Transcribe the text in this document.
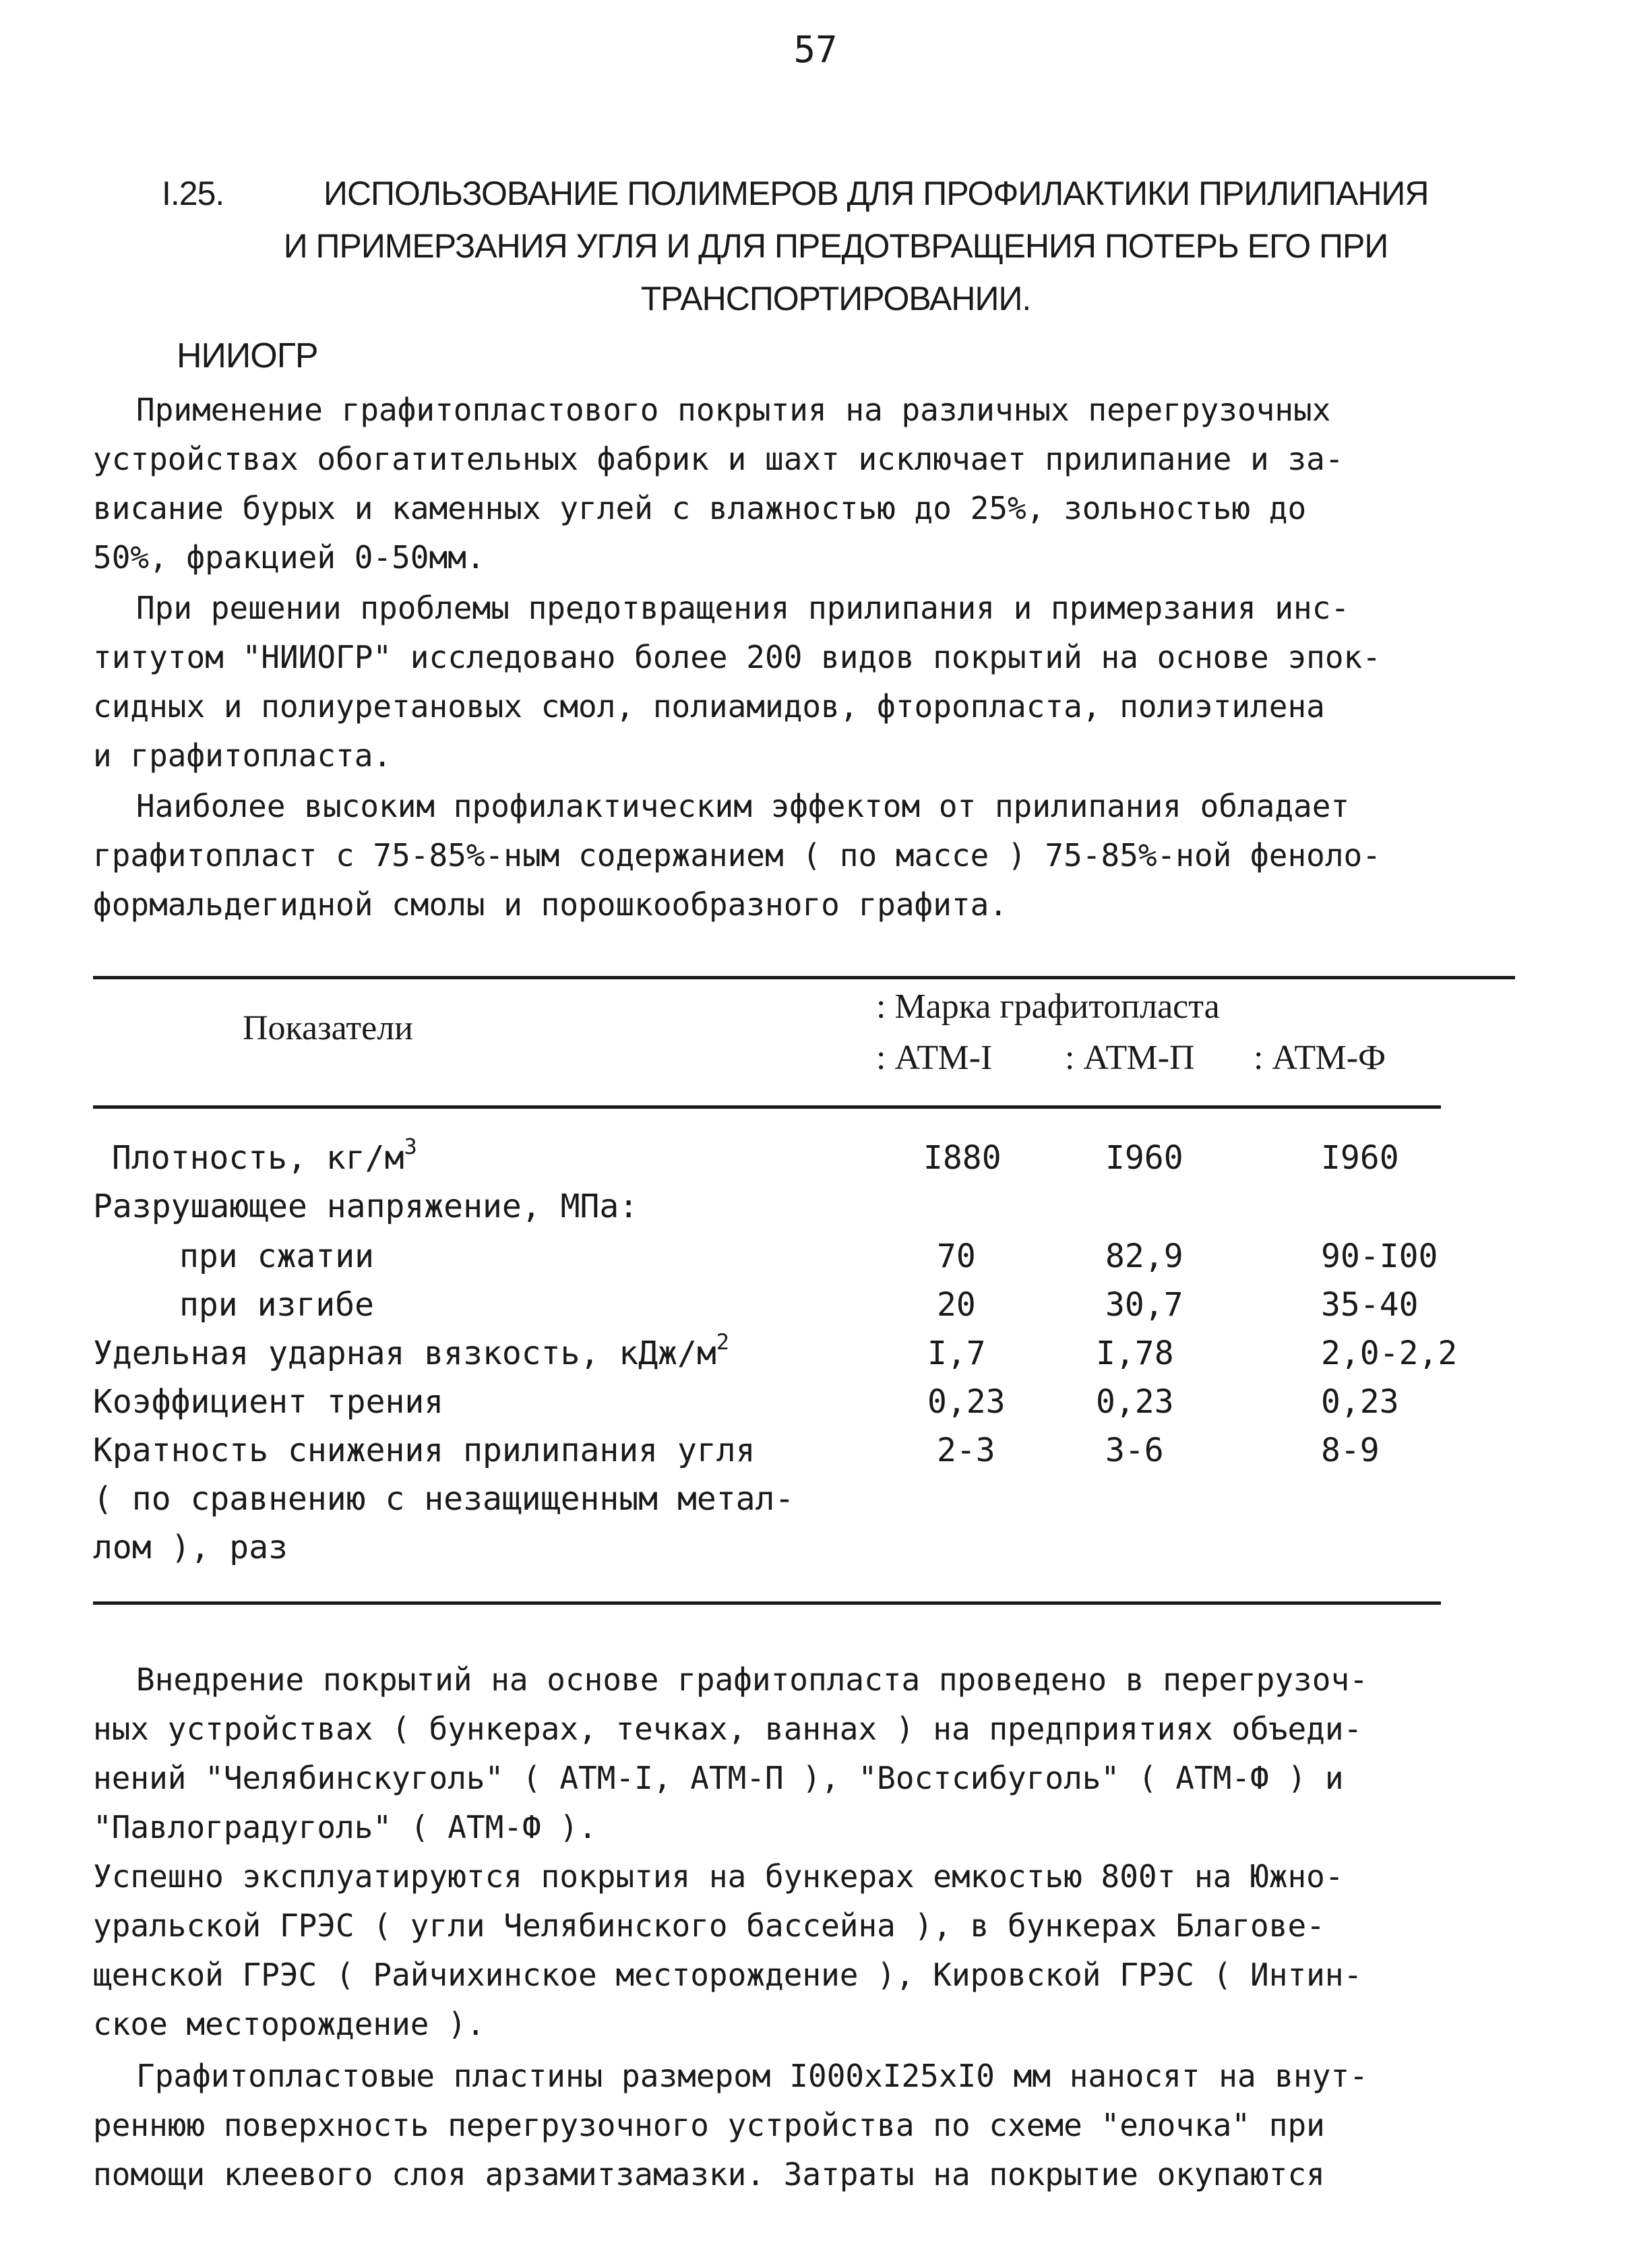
57
I.25.	ИСПОЛЬЗОВАНИЕ ПОЛИМЕРОВ ДЛЯ ПРОФИЛАКТИКИ ПРИЛИПАНИЯ
И ПРИМЕРЗАНИЯ УГЛЯ И ДЛЯ ПРЕДОТВРАЩЕНИЯ ПОТЕРЬ ЕГО ПРИ
ТРАНСПОРТИРОВАНИИ.
НИИОГР

Применение графитопластового покрытия на различных перегрузочных
устройствах обогатительных фабрик и шахт исключает прилипание и за-
висание бурых и каменных углей с влажностью до 25%, зольностью до
50%, фракцией 0-50мм.

При решении проблемы предотвращения прилипания и примерзания инс-
титутом "НИИОГР" исследовано более 200 видов покрытий на основе эпок-
сидных и полиуретановых смол, полиамидов, фторопласта, полиэтилена
и графитопласта.

Наиболее высоким профилактическим эффектом от прилипания обладает
графитопласт с 75-85%-ным содержанием ( по массе ) 75-85%-ной феноло-
формальдегидной смолы и порошкообразного графита.

Показатели
: Марка графитопласта
: АТМ-I : АТМ-П : АТМ-Ф
Плотность, $кг/м^3$	I880	I960	I960
Разрушающее напряжение, МПа:
при сжатии	70	82,9	90-I00
при изгибе	20	30,7	35-40
Удельная ударная вязкость, кДж/$м^2$	I,7	I,78	2,0-2,2
Коэффициент трения	0,23	0,23	0,23
Кратность снижения прилипания угля	2-3	3-6	8-9
( по сравнению с незащищенным метал-
лом ), раз

Внедрение покрытий на основе графитопласта проведено в перегрузоч-
ных устройствах ( бункерах, течках, ваннах ) на предприятиях объеди-
нений "Челябинскуголь" ( АТМ-I, АТМ-П ), "Востсибуголь" ( АТМ-Ф ) и
"Павлоградуголь" ( АТМ-Ф ).

Успешно эксплуатируются покрытия на бункерах емкостью 800т на Южно-
уральской ГРЭС ( угли Челябинского бассейна ), в бункерах Благове-
щенской ГРЭС ( Райчихинское месторождение ), Кировской ГРЭС ( Интин-
ское месторождение ).

Графитопластовые пластины размером I000xI25xI0 мм наносят на внут-
реннюю поверхность перегрузочного устройства по схеме "елочка" при
помощи клеевого слоя арзамитзамазки. Затраты на покрытие окупаются
